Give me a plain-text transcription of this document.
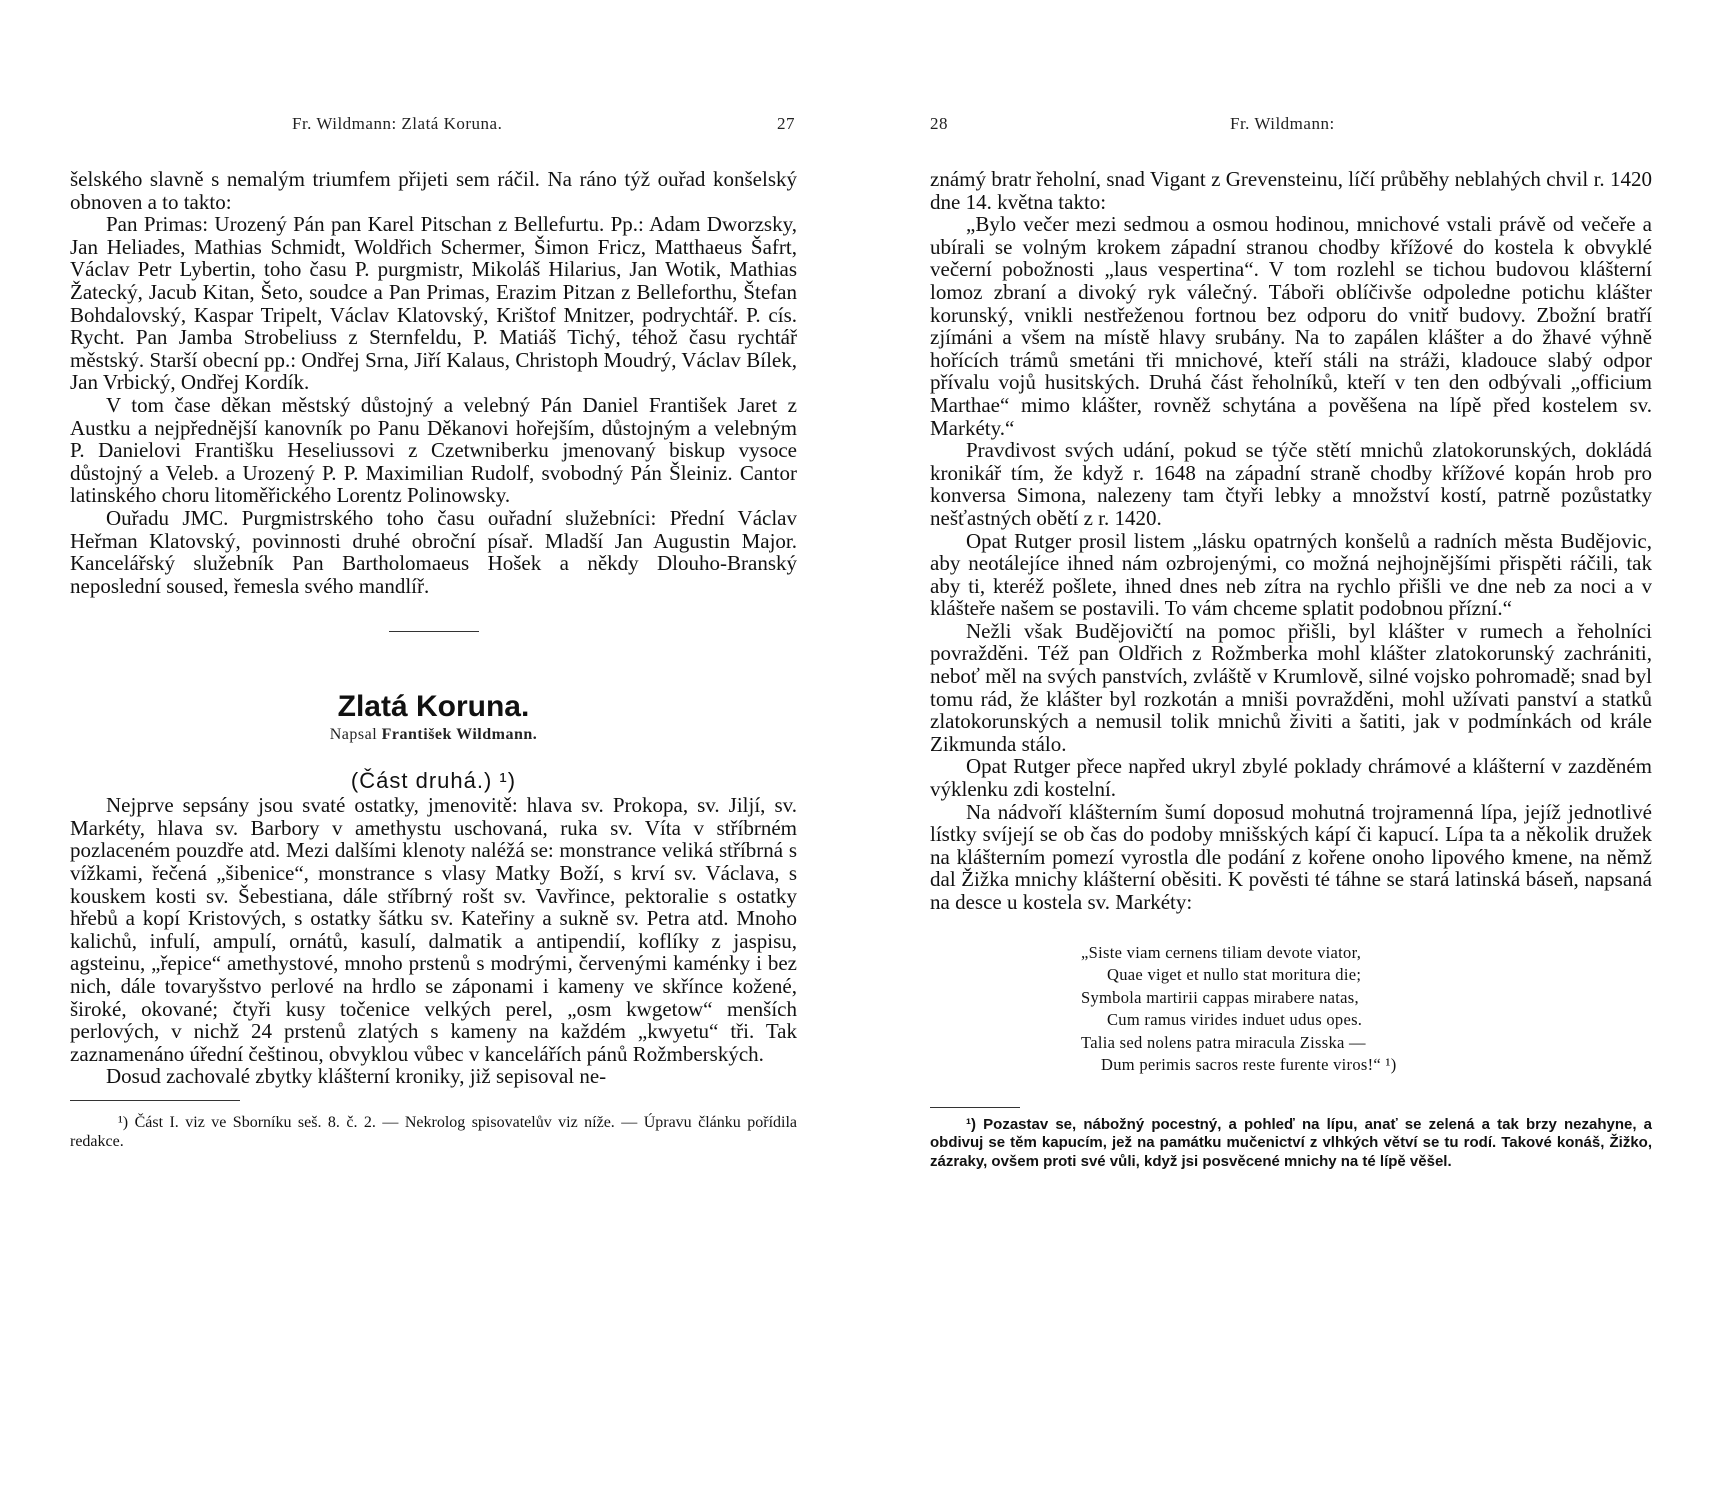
Fr. Wildmann: Zlatá Koruna.	27

šelského slavně s nemalým triumfem přijeti sem ráčil. Na ráno týž ouřad konšelský obnoven a to takto:

Pan Primas: Urozený Pán pan Karel Pitschan z Bellefurtu. Pp.: Adam Dworzsky, Jan Heliades, Mathias Schmidt, Woldřich Schermer, Šimon Fricz, Matthaeus Šafrt, Václav Petr Lybertin, toho času P. purgmistr, Mikoláš Hilarius, Jan Wotik, Mathias Žatecký, Jacub Kitan, Šeto, soudce a Pan Primas, Erazim Pitzan z Belleforthu, Štefan Bohdalovský, Kaspar Tripelt, Václav Klatovský, Krištof Mnitzer, podrychtář. P. cís. Rycht. Pan Jamba Strobeliuss z Sternfeldu, P. Matiáš Tichý, téhož času rychtář městský. Starší obecní pp.: Ondřej Srna, Jiří Kalaus, Christoph Moudrý, Václav Bílek, Jan Vrbický, Ondřej Kordík.

V tom čase děkan městský důstojný a velebný Pán Daniel František Jaret z Austku a nejpřednější kanovník po Panu Děkanovi hořejším, důstojným a velebným P. Danielovi Františku Heseliussovi z Czetwniberku jmenovaný biskup vysoce důstojný a Veleb. a Urozený P. P. Maximilian Rudolf, svobodný Pán Šleiniz. Cantor latinského choru litoměřického Lorentz Polinowsky.

Ouřadu JMC. Purgmistrského toho času ouřadní služebníci: Přední Václav Heřman Klatovský, povinnosti druhé obroční písař. Mladší Jan Augustin Major. Kancelářský služebník Pan Bartholomaeus Hošek a někdy Dlouho-Branský neposlední soused, řemesla svého mandlíř.

Zlatá Koruna.

Napsal František Wildmann.

(Část druhá.) ¹)

Nejprve sepsány jsou svaté ostatky, jmenovitě: hlava sv. Prokopa, sv. Jiljí, sv. Markéty, hlava sv. Barbory v amethystu uschovaná, ruka sv. Víta v stříbrném pozlaceném pouzdře atd. Mezi dalšími klenoty naléžá se: monstrance veliká stříbrná s vížkami, řečená „šibenice“, monstrance s vlasy Matky Boží, s krví sv. Václava, s kouskem kosti sv. Šebestiana, dále stříbrný rošt sv. Vavřince, pektoralie s ostatky hřebů a kopí Kristových, s ostatky šátku sv. Kateřiny a sukně sv. Petra atd. Mnoho kalichů, infulí, ampulí, ornátů, kasulí, dalmatik a antipendií, koflíky z jaspisu, agsteinu, „řepice“ amethystové, mnoho prstenů s modrými, červenými kaménky i bez nich, dále tovaryšstvo perlové na hrdlo se záponami i kameny ve skřínce kožené, široké, okované; čtyři kusy točenice velkých perel, „osm kwgetow“ menších perlových, v nichž 24 prstenů zlatých s kameny na každém „kwyetu“ tři. Tak zaznamenáno úřední češtinou, obvyklou vůbec v kancelářích pánů Rožmberských.

Dosud zachovalé zbytky klášterní kroniky, již sepisoval ne-

¹) Část I. viz ve Sborníku seš. 8. č. 2. — Nekrolog spisovatelův viz níže. — Úpravu článku pořídila redakce.

28	Fr. Wildmann:

známý bratr řeholní, snad Vigant z Grevensteinu, líčí průběhy neblahých chvil r. 1420 dne 14. května takto:

„Bylo večer mezi sedmou a osmou hodinou, mnichové vstali právě od večeře a ubírali se volným krokem západní stranou chodby křížové do kostela k obvyklé večerní pobožnosti „laus vespertina“. V tom rozlehl se tichou budovou klášterní lomoz zbraní a divoký ryk válečný. Táboři oblíčivše odpoledne potichu klášter korunský, vnikli nestřeženou fortnou bez odporu do vnitř budovy. Zbožní bratří zjímáni a všem na místě hlavy srubány. Na to zapálen klášter a do žhavé výhně hořících trámů smetáni tři mnichové, kteří stáli na stráži, kladouce slabý odpor přívalu vojů husitských. Druhá část řeholníků, kteří v ten den odbývali „officium Marthae“ mimo klášter, rovněž schytána a pověšena na lípě před kostelem sv. Markéty.“

Pravdivost svých udání, pokud se týče stětí mnichů zlatokorunských, dokládá kronikář tím, že když r. 1648 na západní straně chodby křížové kopán hrob pro konversa Simona, nalezeny tam čtyři lebky a množství kostí, patrně pozůstatky nešťastných obětí z r. 1420.

Opat Rutger prosil listem „lásku opatrných konšelů a radních města Budějovic, aby neotálejíce ihned nám ozbrojenými, co možná nejhojnějšími přispěti ráčili, tak aby ti, kteréž pošlete, ihned dnes neb zítra na rychlo přišli ve dne neb za noci a v klášteře našem se postavili. To vám chceme splatit podobnou přízní.“

Nežli však Budějovičtí na pomoc přišli, byl klášter v rumech a řeholníci povražděni. Též pan Oldřich z Rožmberka mohl klášter zlatokorunský zachrániti, neboť měl na svých panstvích, zvláště v Krumlově, silné vojsko pohromadě; snad byl tomu rád, že klášter byl rozkotán a mniši povražděni, mohl užívati panství a statků zlatokorunských a nemusil tolik mnichů živiti a šatiti, jak v podmínkách od krále Zikmunda stálo.

Opat Rutger přece napřed ukryl zbylé poklady chrámové a klášterní v zazděném výklenku zdi kostelní.

Na nádvoří klášterním šumí doposud mohutná trojramenná lípa, jejíž jednotlivé lístky svíjejí se ob čas do podoby mnišských kápí či kapucí. Lípa ta a několik družek na klášterním pomezí vyrostla dle podání z kořene onoho lipového kmene, na němž dal Žižka mnichy klášterní oběsiti. K pověsti té táhne se stará latinská báseň, napsaná na desce u kostela sv. Markéty:

„Siste viam cernens tiliam devote viator,
Quae viget et nullo stat moritura die;
Symbola martirii cappas mirabere natas,
Cum ramus virides induet udus opes.
Talia sed nolens patra miracula Zisska —
Dum perimis sacros reste furente viros!“ ¹)

¹) Pozastav se, nábožný pocestný, a pohleď na lípu, anať se zelená a tak brzy nezahyne, a obdivuj se těm kapucím, jež na památku mučenictví z vlhkých větví se tu rodí. Takové konáš, Žižko, zázraky, ovšem proti své vůli, když jsi posvěcené mnichy na té lípě věšel.
